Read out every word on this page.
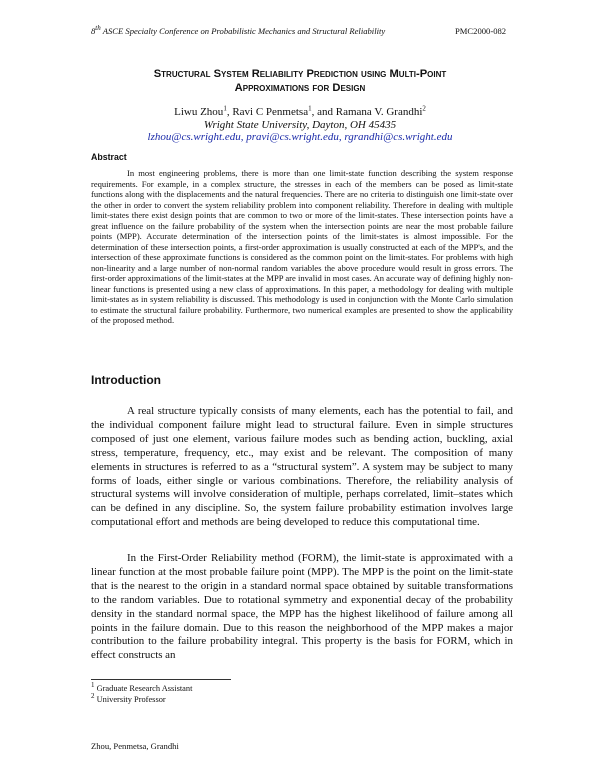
8th ASCE Specialty Conference on Probabilistic Mechanics and Structural Reliability	PMC2000-082
Structural System Reliability Prediction using Multi-Point
Approximations for Design
Liwu Zhou$^1$, Ravi C Penmetsa$^1$, and Ramana V. Grandhi$^2$
Wright State University, Dayton, OH 45435
lzhou@cs.wright.edu, pravi@cs.wright.edu, rgrandhi@cs.wright.edu
Abstract

In most engineering problems, there is more than one limit-state function describing the system response requirements. For example, in a complex structure, the stresses in each of the members can be posed as limit-state functions along with the displacements and the natural frequencies. There are no criteria to distinguish one limit-state over the other in order to convert the system reliability problem into component reliability. Therefore in dealing with multiple limit-states there exist design points that are common to two or more of the limit-states. These intersection points have a great influence on the failure probability of the system when the intersection points are near the most probable failure points (MPP). Accurate determination of the intersection points of the limit-states is almost impossible. For the determination of these intersection points, a first-order approximation is usually constructed at each of the MPP's, and the intersection of these approximate functions is considered as the common point on the limit-states. For problems with high non-linearity and a large number of non-normal random variables the above procedure would result in gross errors. The first-order approximations of the limit-states at the MPP are invalid in most cases. An accurate way of defining highly non-linear functions is presented using a new class of approximations. In this paper, a methodology for dealing with multiple limit-states as in system reliability is discussed. This methodology is used in conjunction with the Monte Carlo simulation to estimate the structural failure probability. Furthermore, two numerical examples are presented to show the applicability of the proposed method.

Introduction

A real structure typically consists of many elements, each has the potential to fail, and the individual component failure might lead to structural failure. Even in simple structures composed of just one element, various failure modes such as bending action, buckling, axial stress, temperature, frequency, etc., may exist and be relevant. The composition of many elements in structures is referred to as a “structural system”. A system may be subject to many forms of loads, either single or various combinations. Therefore, the reliability analysis of structural systems will involve consideration of multiple, perhaps correlated, limit–states which can be defined in any discipline. So, the system failure probability estimation involves large computational effort and methods are being developed to reduce this computational time.

In the First-Order Reliability method (FORM), the limit-state is approximated with a linear function at the most probable failure point (MPP). The MPP is the point on the limit-state that is the nearest to the origin in a standard normal space obtained by suitable transformations to the random variables. Due to rotational symmetry and exponential decay of the probability density in the standard normal space, the MPP has the highest likelihood of failure among all points in the failure domain. Due to this reason the neighborhood of the MPP makes a major contribution to the failure probability integral. This property is the basis for FORM, which in effect constructs an

$^1$ Graduate Research Assistant
$^2$ University Professor
Zhou, Penmetsa, Grandhi
